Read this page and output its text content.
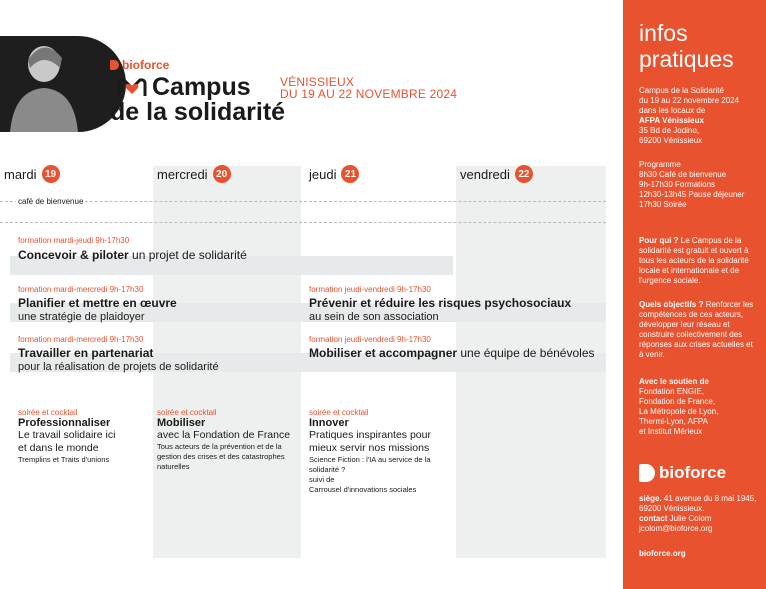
bioforce
Campus
de la solidarité
VÉNISSIEUX
DU 19 AU 22 NOVEMBRE 2024
mardi 19	mercredi 20	jeudi 21	vendredi 22
café de bienvenue
formation mardi-jeudi 9h-17h30
Concevoir & piloter un projet de solidarité
formation mardi-mercredi 9h-17h30
Planifier et mettre en œuvre
une stratégie de plaidoyer
formation jeudi-vendredi 9h-17h30
Prévenir et réduire les risques psychosociaux
au sein de son association
formation mardi-mercredi 9h-17h30
Travailler en partenariat
pour la réalisation de projets de solidarité
formation jeudi-vendredi 9h-17h30
Mobiliser et accompagner une équipe de bénévoles
soirée et cocktail
Professionnaliser
Le travail solidaire ici
et dans le monde
Tremplins et Traits d'unions
soirée et cocktail
Mobiliser
avec la Fondation de France
Tous acteurs de la prévention et de la
gestion des crises et des catastrophes
naturelles
soirée et cocktail
Innover
Pratiques inspirantes pour
mieux servir nos missions
Science Fiction : l'IA au service de la
solidarité ?
suivi de
Carrousel d'innovations sociales
infos
pratiques
Campus de la Solidarité
du 19 au 22 novembre 2024
dans les locaux de
AFPA Vénissieux
35 Bd de Jodino,
69200 Vénissieux
Programme
8h30 Café de bienvenue
9h-17h30 Formations
12h30-13h45 Pause déjeuner
17h30 Soirée
Pour qui ? Le Campus de la
solidarité est gratuit et ouvert à
tous les acteurs de la solidarité
locale et internationale et de
l'urgence sociale.
Quels objectifs ? Renforcer les
compétences de ces acteurs,
développer leur réseau et
construire collectivement des
réponses aux crises actuelles et
à venir.
Avec le soutien de
Fondation ENGIE,
Fondation de France,
La Métropole de Lyon,
Thermi-Lyon, AFPA
et Institut Mérieux
bioforce
siège. 41 avenue du 8 mai 1945,
69200 Vénissieux.
contact Julie Colom
jcolom@bioforce.org
bioforce.org
